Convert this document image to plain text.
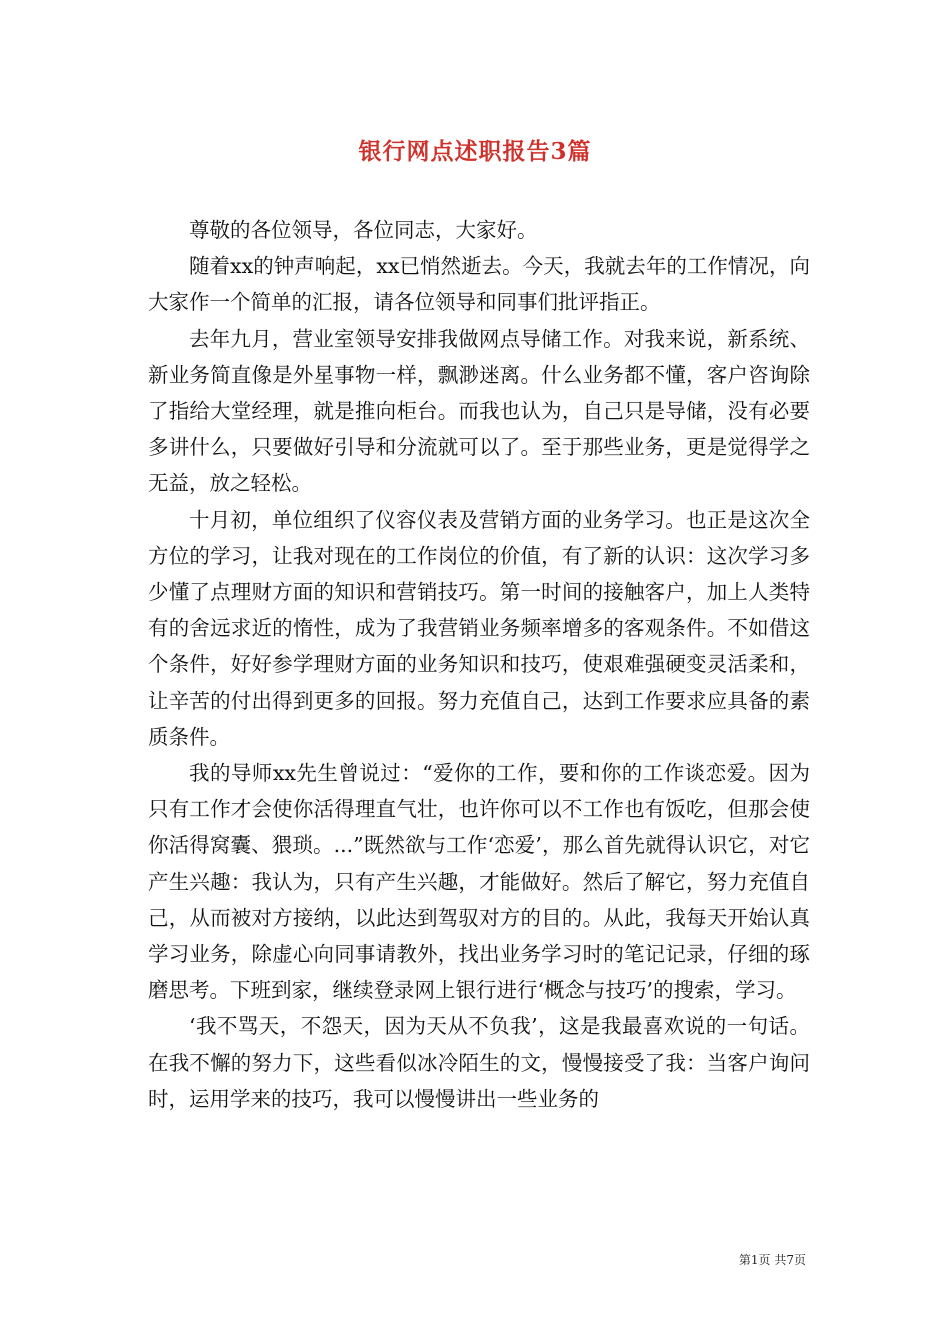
银行网点述职报告3篇

尊敬的各位领导，各位同志，大家好。

随着xx的钟声响起，xx已悄然逝去。今天，我就去年的工作情况，向大家作一个简单的汇报，请各位领导和同事们批评指正。

去年九月，营业室领导安排我做网点导储工作。对我来说，新系统、新业务简直像是外星事物一样，飘渺迷离。什么业务都不懂，客户咨询除了指给大堂经理，就是推向柜台。而我也认为，自己只是导储，没有必要多讲什么，只要做好引导和分流就可以了。至于那些业务，更是觉得学之无益，放之轻松。

十月初，单位组织了仪容仪表及营销方面的业务学习。也正是这次全方位的学习，让我对现在的工作岗位的价值，有了新的认识：这次学习多少懂了点理财方面的知识和营销技巧。第一时间的接触客户，加上人类特有的舍远求近的惰性，成为了我营销业务频率增多的客观条件。不如借这个条件，好好参学理财方面的业务知识和技巧，使艰难强硬变灵活柔和，让辛苦的付出得到更多的回报。努力充值自己，达到工作要求应具备的素质条件。

我的导师xx先生曾说过：“爱你的工作，要和你的工作谈恋爱。因为只有工作才会使你活得理直气壮，也许你可以不工作也有饭吃，但那会使你活得窝囊、猥琐。...”既然欲与工作‘恋爱’，那么首先就得认识它，对它产生兴趣：我认为，只有产生兴趣，才能做好。然后了解它，努力充值自己，从而被对方接纳，以此达到驾驭对方的目的。从此，我每天开始认真学习业务，除虚心向同事请教外，找出业务学习时的笔记记录，仔细的琢磨思考。下班到家，继续登录网上银行进行‘概念与技巧’的搜索，学习。

‘我不骂天，不怨天，因为天从不负我’，这是我最喜欢说的一句话。在我不懈的努力下，这些看似冰冷陌生的文，慢慢接受了我：当客户询问时，运用学来的技巧，我可以慢慢讲出一些业务的

第1页 共7页
